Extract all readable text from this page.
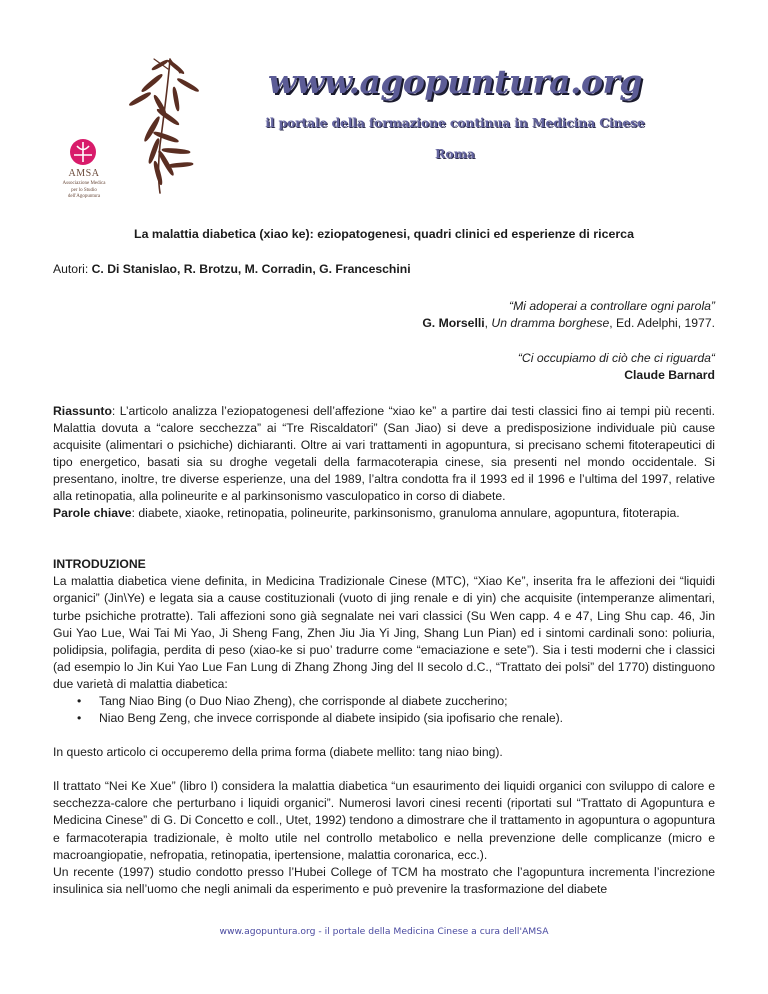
AMSA
Associazione Medica
per lo Studio
dell'Agopuntura
www.agopuntura.org
il portale della formazione continua in Medicina Cinese
Roma

La malattia diabetica (xiao ke): eziopatogenesi, quadri clinici ed esperienze di ricerca

Autori: C. Di Stanislao, R. Brotzu, M. Corradin, G. Franceschini

“Mi adoperai a controllare ogni parola”
G. Morselli, Un dramma borghese, Ed. Adelphi, 1977.
“Ci occupiamo di ciò che ci riguarda“
Claude Barnard

Riassunto: L’articolo analizza l’eziopatogenesi dell’affezione “xiao ke” a partire dai testi classici fino ai tempi più recenti. Malattia dovuta a “calore secchezza” ai “Tre Riscaldatori” (San Jiao) si deve a predisposizione individuale più cause acquisite (alimentari o psichiche) dichiaranti. Oltre ai vari trattamenti in agopuntura, si precisano schemi fitoterapeutici di tipo energetico, basati sia su droghe vegetali della farmacoterapia cinese, sia presenti nel mondo occidentale. Si presentano, inoltre, tre diverse esperienze, una del 1989, l’altra condotta fra il 1993 ed il 1996 e l’ultima del 1997, relative alla retinopatia, alla polineurite e al parkinsonismo vasculopatico in corso di diabete.

Parole chiave: diabete, xiaoke, retinopatia, polineurite, parkinsonismo, granuloma annulare, agopuntura, fitoterapia.

INTRODUZIONE

La malattia diabetica viene definita, in Medicina Tradizionale Cinese (MTC), “Xiao Ke”, inserita fra le affezioni dei “liquidi organici” (Jin\Ye) e legata sia a cause costituzionali (vuoto di jing renale e di yin) che acquisite (intemperanze alimentari, turbe psichiche protratte). Tali affezioni sono già segnalate nei vari classici (Su Wen capp. 4 e 47, Ling Shu cap. 46, Jin Gui Yao Lue, Wai Tai Mi Yao, Ji Sheng Fang, Zhen Jiu Jia Yi Jing, Shang Lun Pian) ed i sintomi cardinali sono: poliuria, polidipsia, polifagia, perdita di peso (xiao-ke si puo’ tradurre come “emaciazione e sete”). Sia i testi moderni che i classici (ad esempio lo Jin Kui Yao Lue Fan Lung di Zhang Zhong Jing del II secolo d.C., “Trattato dei polsi” del 1770) distinguono due varietà di malattia diabetica:

• Tang Niao Bing (o Duo Niao Zheng), che corrisponde al diabete zuccherino;
• Niao Beng Zeng, che invece corrisponde al diabete insipido (sia ipofisario che renale).

In questo articolo ci occuperemo della prima forma (diabete mellito: tang niao bing).

Il trattato “Nei Ke Xue” (libro I) considera la malattia diabetica “un esaurimento dei liquidi organici con sviluppo di calore e secchezza-calore che perturbano i liquidi organici”. Numerosi lavori cinesi recenti (riportati sul “Trattato di Agopuntura e Medicina Cinese” di G. Di Concetto e coll., Utet, 1992) tendono a dimostrare che il trattamento in agopuntura o agopuntura e farmacoterapia tradizionale, è molto utile nel controllo metabolico e nella prevenzione delle complicanze (micro e macroangiopatie, nefropatia, retinopatia, ipertensione, malattia coronarica, ecc.).

Un recente (1997) studio condotto presso l’Hubei College of TCM ha mostrato che l’agopuntura incrementa l’increzione insulinica sia nell’uomo che negli animali da esperimento e può prevenire la trasformazione del diabete

www.agopuntura.org - il portale della Medicina Cinese a cura dell'AMSA
